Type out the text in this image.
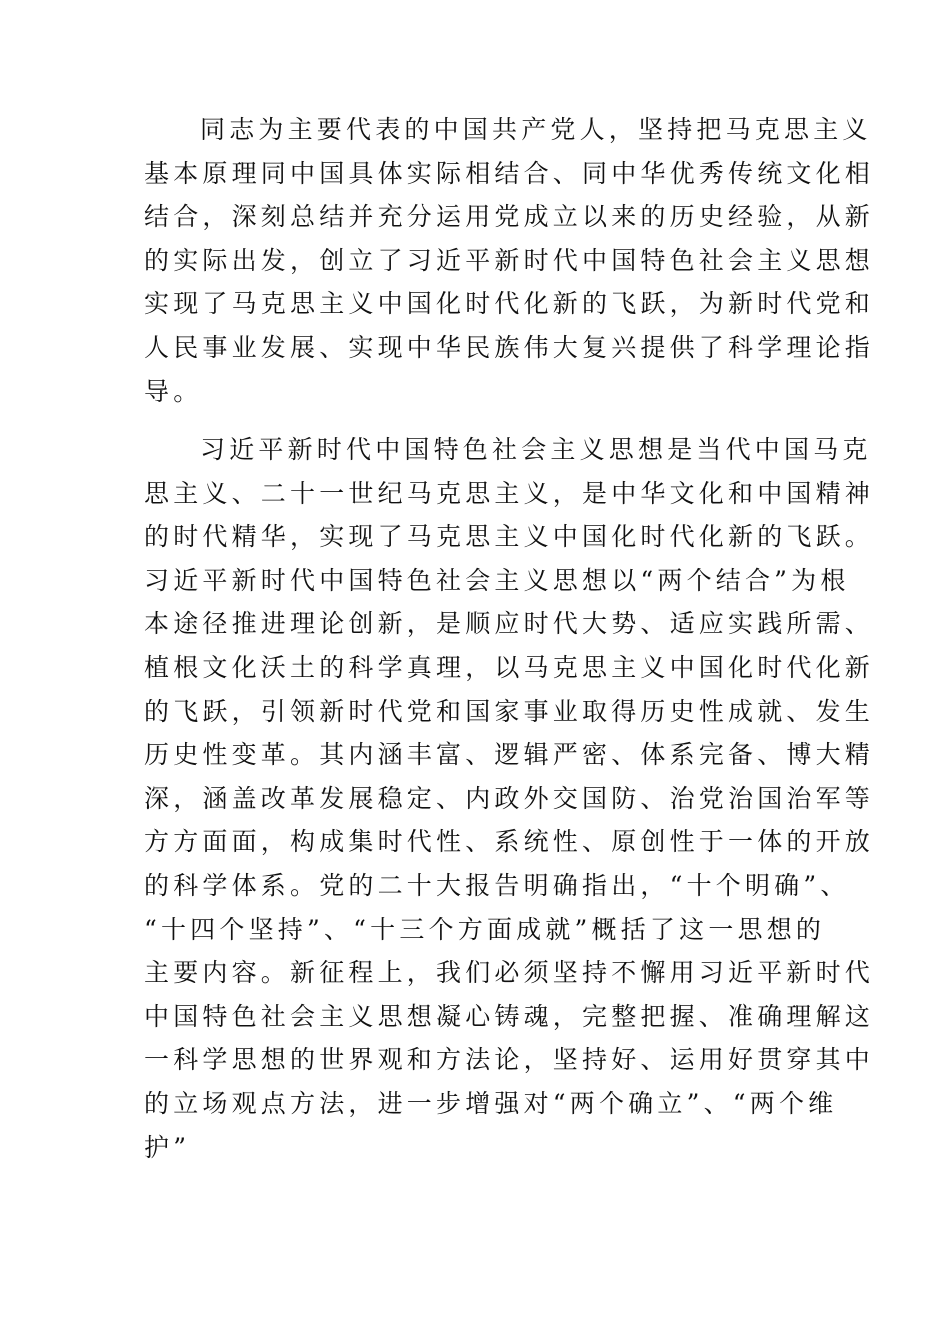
同志为主要代表的中国共产党人，坚持把马克思主义
基本原理同中国具体实际相结合、同中华优秀传统文化相
结合，深刻总结并充分运用党成立以来的历史经验，从新
的实际出发，创立了习近平新时代中国特色社会主义思想
实现了马克思主义中国化时代化新的飞跃，为新时代党和
人民事业发展、实现中华民族伟大复兴提供了科学理论指
导。
习近平新时代中国特色社会主义思想是当代中国马克
思主义、二十一世纪马克思主义，是中华文化和中国精神
的时代精华，实现了马克思主义中国化时代化新的飞跃。
习近平新时代中国特色社会主义思想以“两个结合”为根
本途径推进理论创新，是顺应时代大势、适应实践所需、
植根文化沃土的科学真理，以马克思主义中国化时代化新
的飞跃，引领新时代党和国家事业取得历史性成就、发生
历史性变革。其内涵丰富、逻辑严密、体系完备、博大精
深，涵盖改革发展稳定、内政外交国防、治党治国治军等
方方面面，构成集时代性、系统性、原创性于一体的开放
的科学体系。党的二十大报告明确指出，“十个明确”、
“十四个坚持”、“十三个方面成就”概括了这一思想的
主要内容。新征程上，我们必须坚持不懈用习近平新时代
中国特色社会主义思想凝心铸魂，完整把握、准确理解这
一科学思想的世界观和方法论，坚持好、运用好贯穿其中
的立场观点方法，进一步增强对“两个确立”、“两个维
护”
